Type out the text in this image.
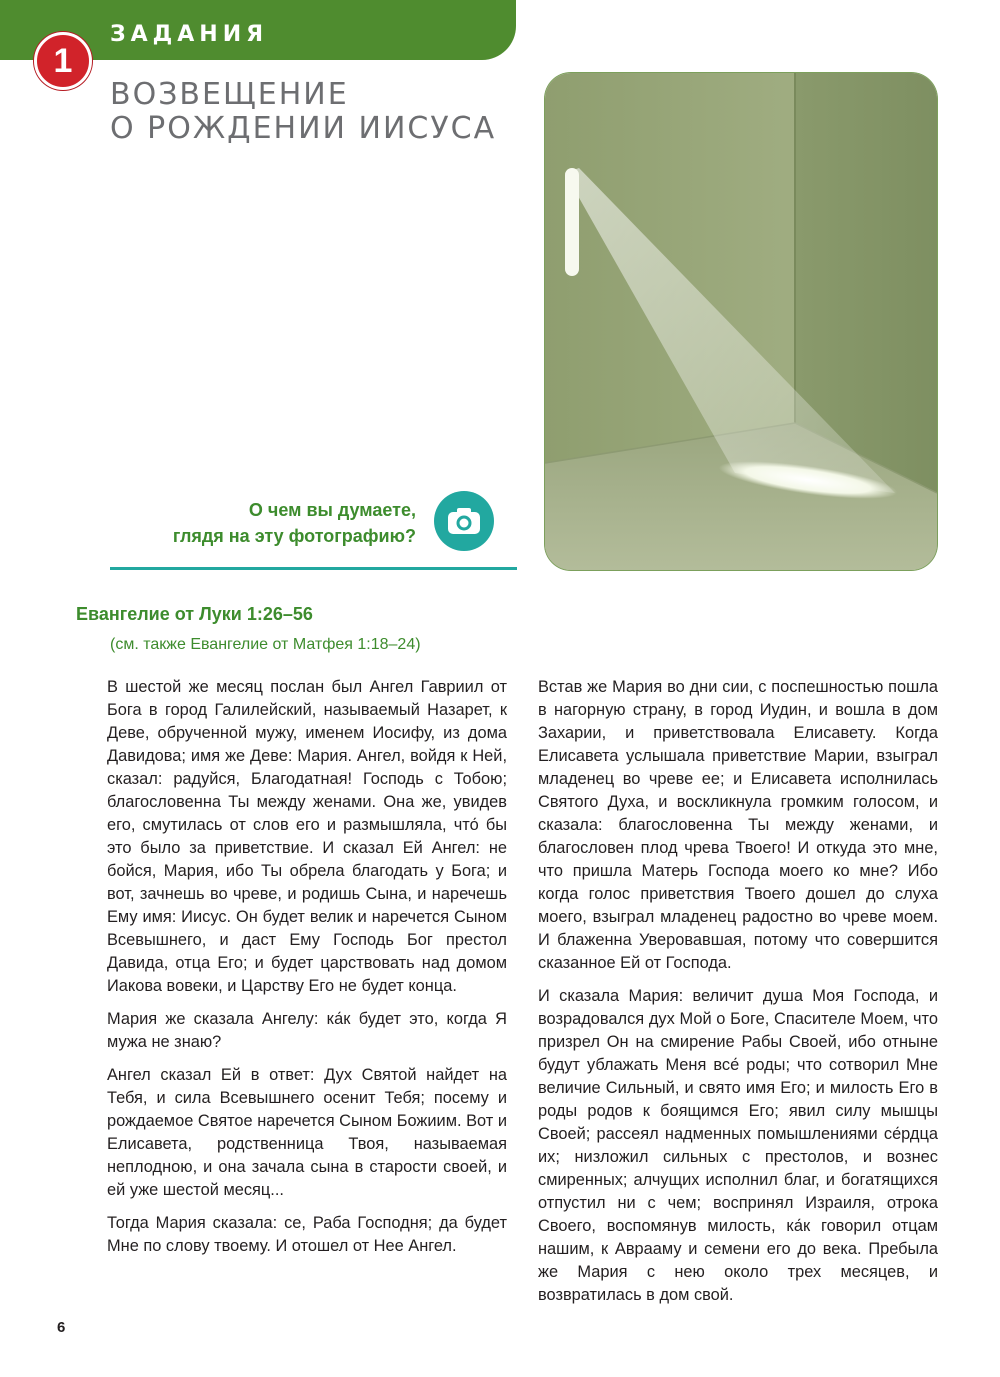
ЗАДАНИЯ
1
ВОЗВЕЩЕНИЕ
О РОЖДЕНИИ ИИСУСА
О чем вы думаете,
глядя на эту фотографию?
Евангелие от Луки 1:26–56
(см. также Евангелие от Матфея 1:18–24)

В шестой же месяц послан был Ангел Гавриил от Бога в город Галилейский, называемый Назарет, к Деве, обрученной мужу, именем Иосифу, из дома Давидова; имя же Деве: Мария. Ангел, войдя к Ней, сказал: радуйся, Благодатная! Господь с Тобою; благословенна Ты между женами. Она же, увидев его, смутилась от слов его и размышляла, что́ бы это было за приветствие. И сказал Ей Ангел: не бойся, Мария, ибо Ты обрела благодать у Бога; и вот, зачнешь во чреве, и родишь Сына, и наречешь Ему имя: Иисус. Он будет велик и наречется Сыном Всевышнего, и даст Ему Господь Бог престол Давида, отца Его; и будет царствовать над домом Иакова вовеки, и Царству Его не будет конца.

Мария же сказала Ангелу: ка́к будет это, когда Я мужа не знаю?

Ангел сказал Ей в ответ: Дух Святой найдет на Тебя, и сила Всевышнего осенит Тебя; посему и рождаемое Святое наречется Сыном Божиим. Вот и Елисавета, родственница Твоя, называемая неплодною, и она зачала сына в старости своей, и ей уже шестой месяц...

Тогда Мария сказала: се, Раба Господня; да будет Мне по слову твоему. И отошел от Нее Ангел.

Встав же Мария во дни сии, с поспешностью пошла в нагорную страну, в город Иудин, и вошла в дом Захарии, и приветствовала Елисавету. Когда Елисавета услышала приветствие Марии, взыграл младенец во чреве ее; и Елисавета исполнилась Святого Духа, и воскликнула громким голосом, и сказала: благословенна Ты между женами, и благословен плод чрева Твоего! И откуда это мне, что пришла Матерь Господа моего ко мне? Ибо когда голос приветствия Твоего дошел до слуха моего, взыграл младенец радостно во чреве моем. И блаженна Уверовавшая, потому что совершится сказанное Ей от Господа.

И сказала Мария: величит душа Моя Господа, и возрадовался дух Мой о Боге, Спасителе Моем, что призрел Он на смирение Рабы Своей, ибо отныне будут ублажать Меня все́ роды; что сотворил Мне величие Сильный, и свято имя Его; и милость Его в роды родов к боящимся Его; явил силу мышцы Своей; рассеял надменных помышлениями се́рдца их; низложил сильных с престолов, и вознес смиренных; алчущих исполнил благ, и богатящихся отпустил ни с чем; воспринял Израиля, отрока Своего, воспомянув милость, ка́к говорил отцам нашим, к Аврааму и семени его до века. Пребыла же Мария с нею около трех месяцев, и возвратилась в дом свой.

6
